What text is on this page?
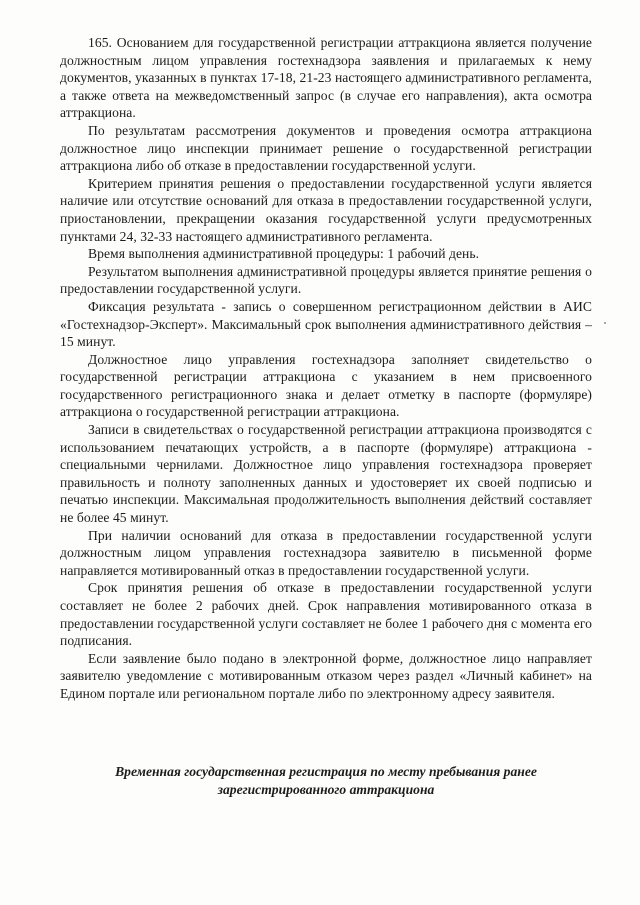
165. Основанием для государственной регистрации аттракциона является получение должностным лицом управления гостехнадзора заявления и прилагаемых к нему документов, указанных в пунктах 17-18, 21-23 настоящего административного регламента, а также ответа на межведомственный запрос (в случае его направления), акта осмотра аттракциона.

По результатам рассмотрения документов и проведения осмотра аттракциона должностное лицо инспекции принимает решение о государственной регистрации аттракциона либо об отказе в предоставлении государственной услуги.

Критерием принятия решения о предоставлении государственной услуги является наличие или отсутствие оснований для отказа в предоставлении государственной услуги, приостановлении, прекращении оказания государственной услуги предусмотренных пунктами 24, 32-33 настоящего административного регламента.

Время выполнения административной процедуры: 1 рабочий день.

Результатом выполнения административной процедуры является принятие решения о предоставлении государственной услуги.

Фиксация результата - запись о совершенном регистрационном действии в АИС «Гостехнадзор-Эксперт». Максимальный срок выполнения административного действия – 15 минут.

Должностное лицо управления гостехнадзора заполняет свидетельство о государственной регистрации аттракциона с указанием в нем присвоенного государственного регистрационного знака и делает отметку в паспорте (формуляре) аттракциона о государственной регистрации аттракциона.

Записи в свидетельствах о государственной регистрации аттракциона производятся с использованием печатающих устройств, а в паспорте (формуляре) аттракциона - специальными чернилами. Должностное лицо управления гостехнадзора проверяет правильность и полноту заполненных данных и удостоверяет их своей подписью и печатью инспекции. Максимальная продолжительность выполнения действий составляет не более 45 минут.

При наличии оснований для отказа в предоставлении государственной услуги должностным лицом управления гостехнадзора заявителю в письменной форме направляется мотивированный отказ в предоставлении государственной услуги.

Срок принятия решения об отказе в предоставлении государственной услуги составляет не более 2 рабочих дней. Срок направления мотивированного отказа в предоставлении государственной услуги составляет не более 1 рабочего дня с момента его подписания.

Если заявление было подано в электронной форме, должностное лицо направляет заявителю уведомление с мотивированным отказом через раздел «Личный кабинет» на Едином портале или региональном портале либо по электронному адресу заявителя.

Временная государственная регистрация по месту пребывания ранее
зарегистрированного аттракциона
